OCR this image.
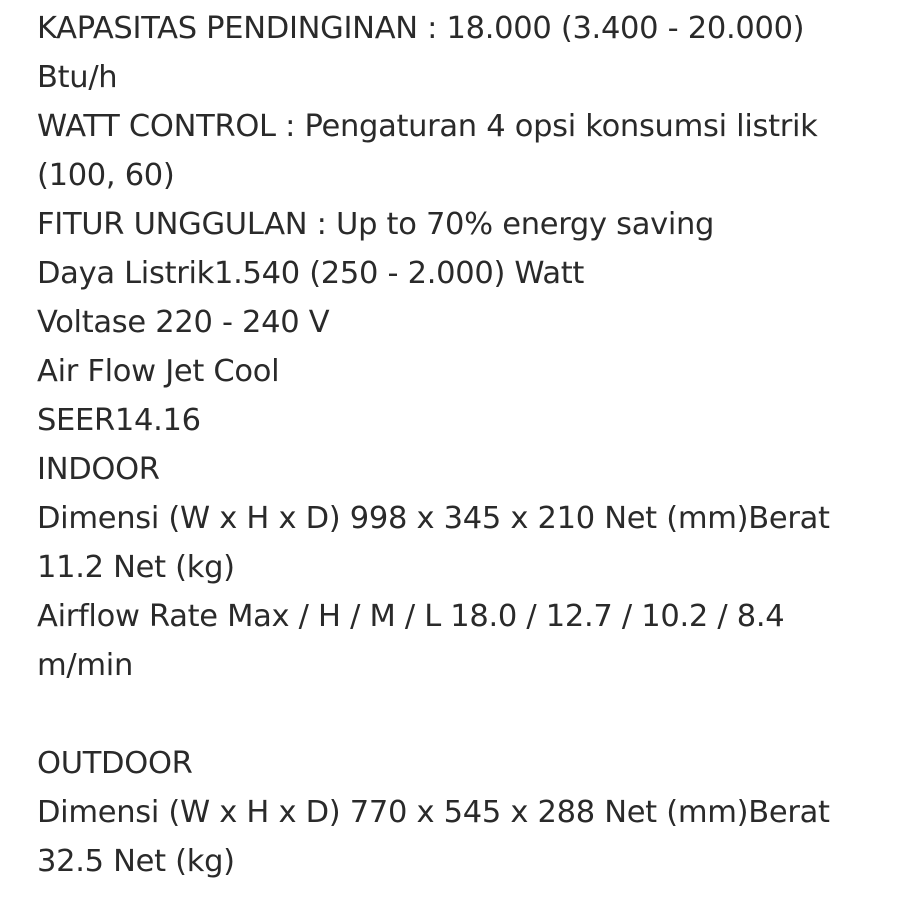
KAPASITAS PENDINGINAN : 18.000 (3.400 - 20.000)
Btu/h
WATT CONTROL : Pengaturan 4 opsi konsumsi listrik
(100, 60)
FITUR UNGGULAN : Up to 70% energy saving
Daya Listrik1.540 (250 - 2.000) Watt
Voltase 220 - 240 V
Air Flow Jet Cool
SEER14.16
INDOOR
Dimensi (W x H x D) 998 x 345 x 210 Net (mm)Berat
11.2 Net (kg)
Airflow Rate Max / H / M / L 18.0 / 12.7 / 10.2 / 8.4
m/min
OUTDOOR
Dimensi (W x H x D) 770 x 545 x 288 Net (mm)Berat
32.5 Net (kg)
